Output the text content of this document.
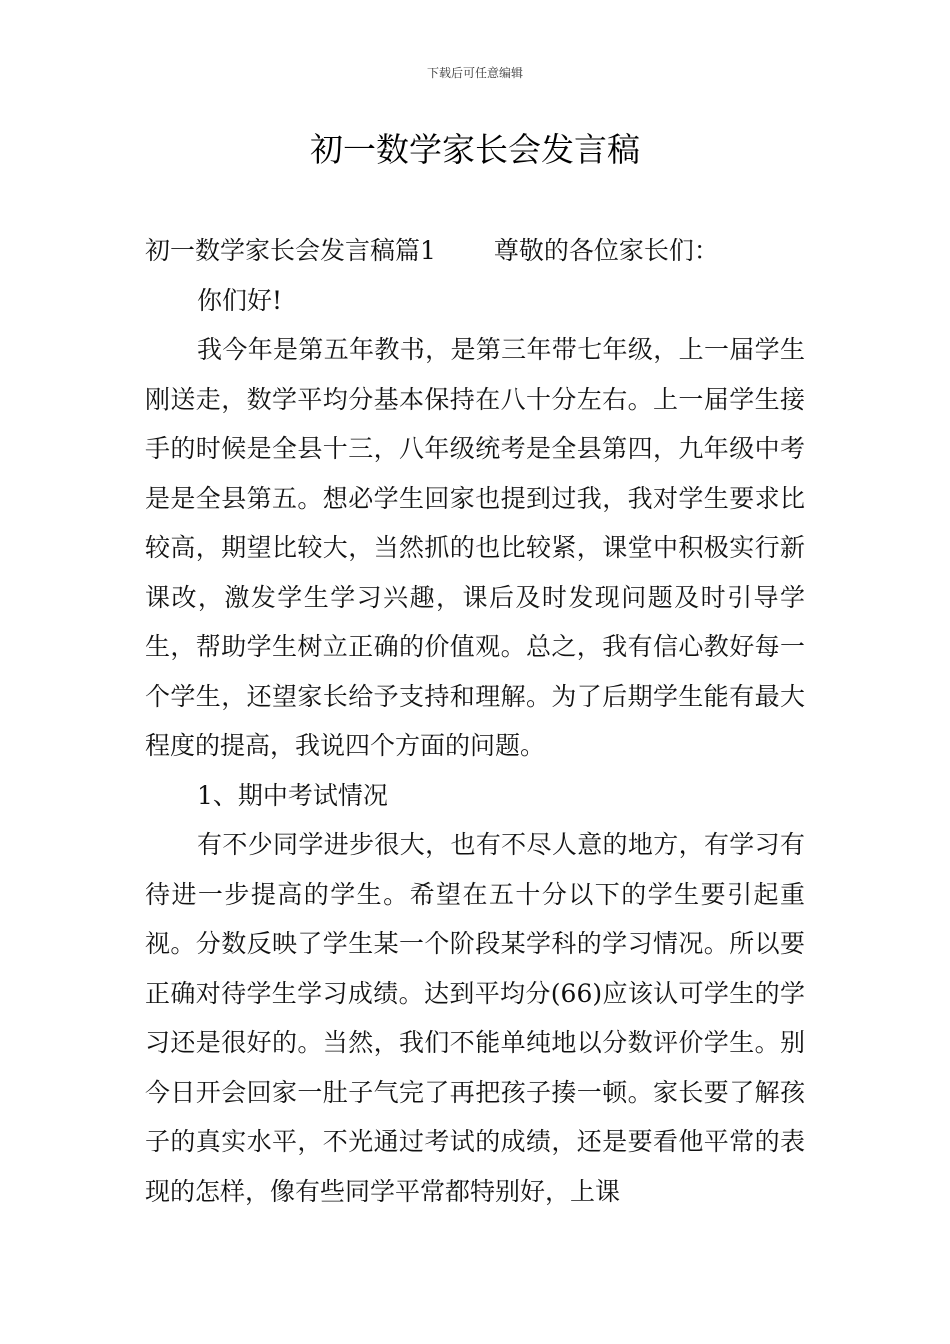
下载后可任意编辑
初一数学家长会发言稿

初一数学家长会发言稿篇1 尊敬的各位家长们：

你们好!

我今年是第五年教书，是第三年带七年级，上一届学生刚送走，数学平均分基本保持在八十分左右。上一届学生接手的时候是全县十三，八年级统考是全县第四，九年级中考是是全县第五。想必学生回家也提到过我，我对学生要求比较高，期望比较大，当然抓的也比较紧，课堂中积极实行新课改，激发学生学习兴趣，课后及时发现问题及时引导学生，帮助学生树立正确的价值观。总之，我有信心教好每一个学生，还望家长给予支持和理解。为了后期学生能有最大程度的提高，我说四个方面的问题。

1、期中考试情况

有不少同学进步很大，也有不尽人意的地方，有学习有待进一步提高的学生。希望在五十分以下的学生要引起重视。分数反映了学生某一个阶段某学科的学习情况。所以要正确对待学生学习成绩。达到平均分(66)应该认可学生的学习还是很好的。当然，我们不能单纯地以分数评价学生。别今日开会回家一肚子气完了再把孩子揍一顿。家长要了解孩子的真实水平，不光通过考试的成绩，还是要看他平常的表现的怎样，像有些同学平常都特别好，上课
